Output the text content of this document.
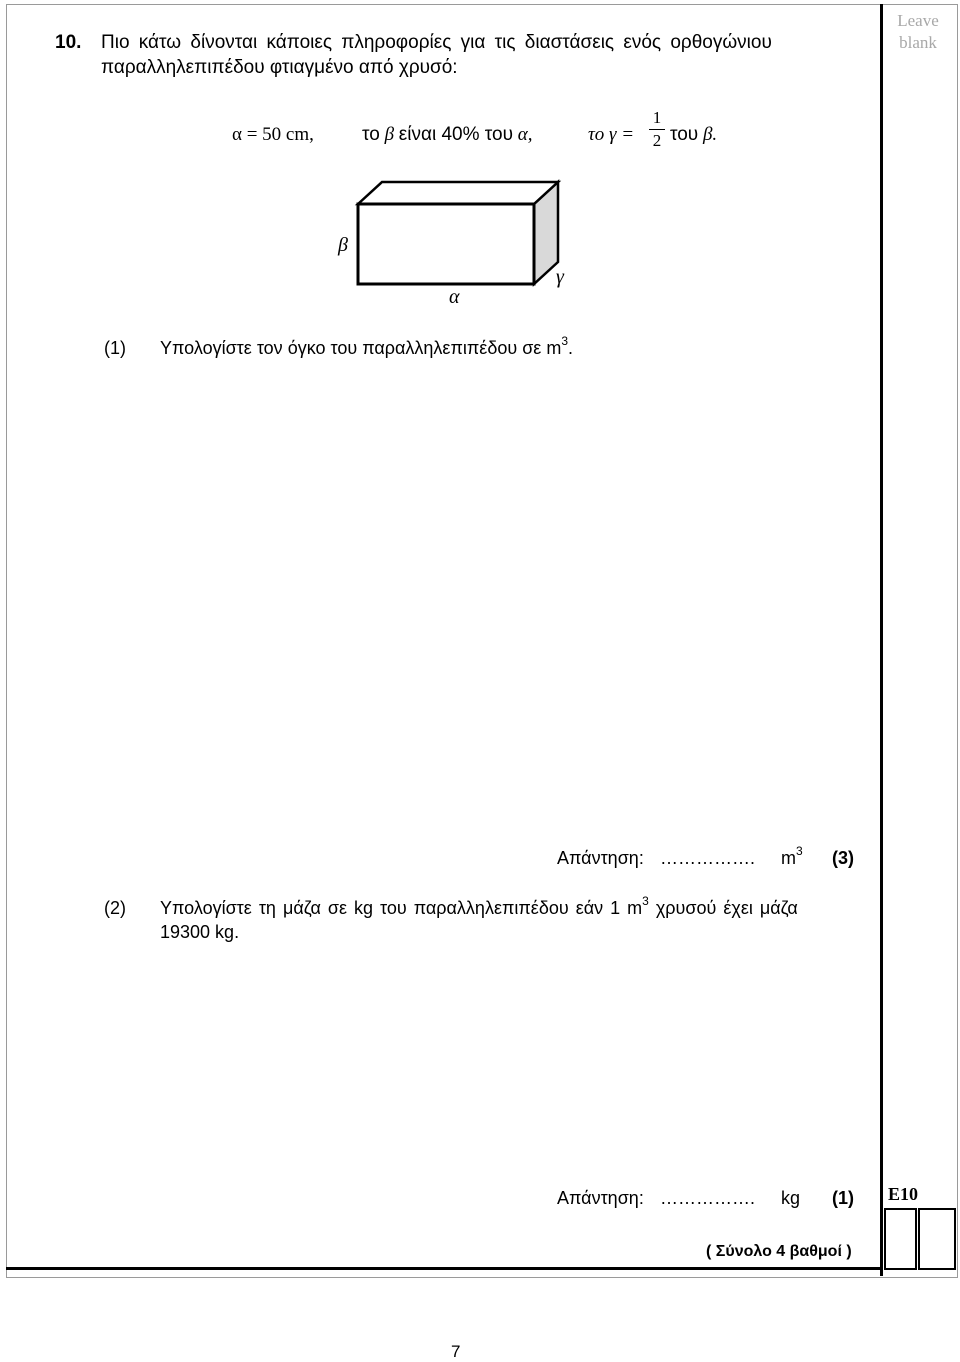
Leave
blank
E10
10. Πιο κάτω δίνονται κάποιες πληροφορίες για τις διαστάσεις ενός ορθογώνιου
παραλληλεπιπέδου φτιαγμένο από χρυσό:
α = 50 cm,	το β είναι 40% του α,	το γ =
1
2 του β.
β
α
γ
(1) Υπολογίστε τον όγκο του παραλληλεπιπέδου σε $m^3$.
Απάντηση: ……………. $m^3$ (3)
(2) Υπολογίστε τη μάζα σε kg του παραλληλεπιπέδου εάν 1 $m^3$ χρυσού έχει μάζα
19300 kg.
Απάντηση: ……………. kg (1)
( Σύνολο 4 βαθμοί )
7
